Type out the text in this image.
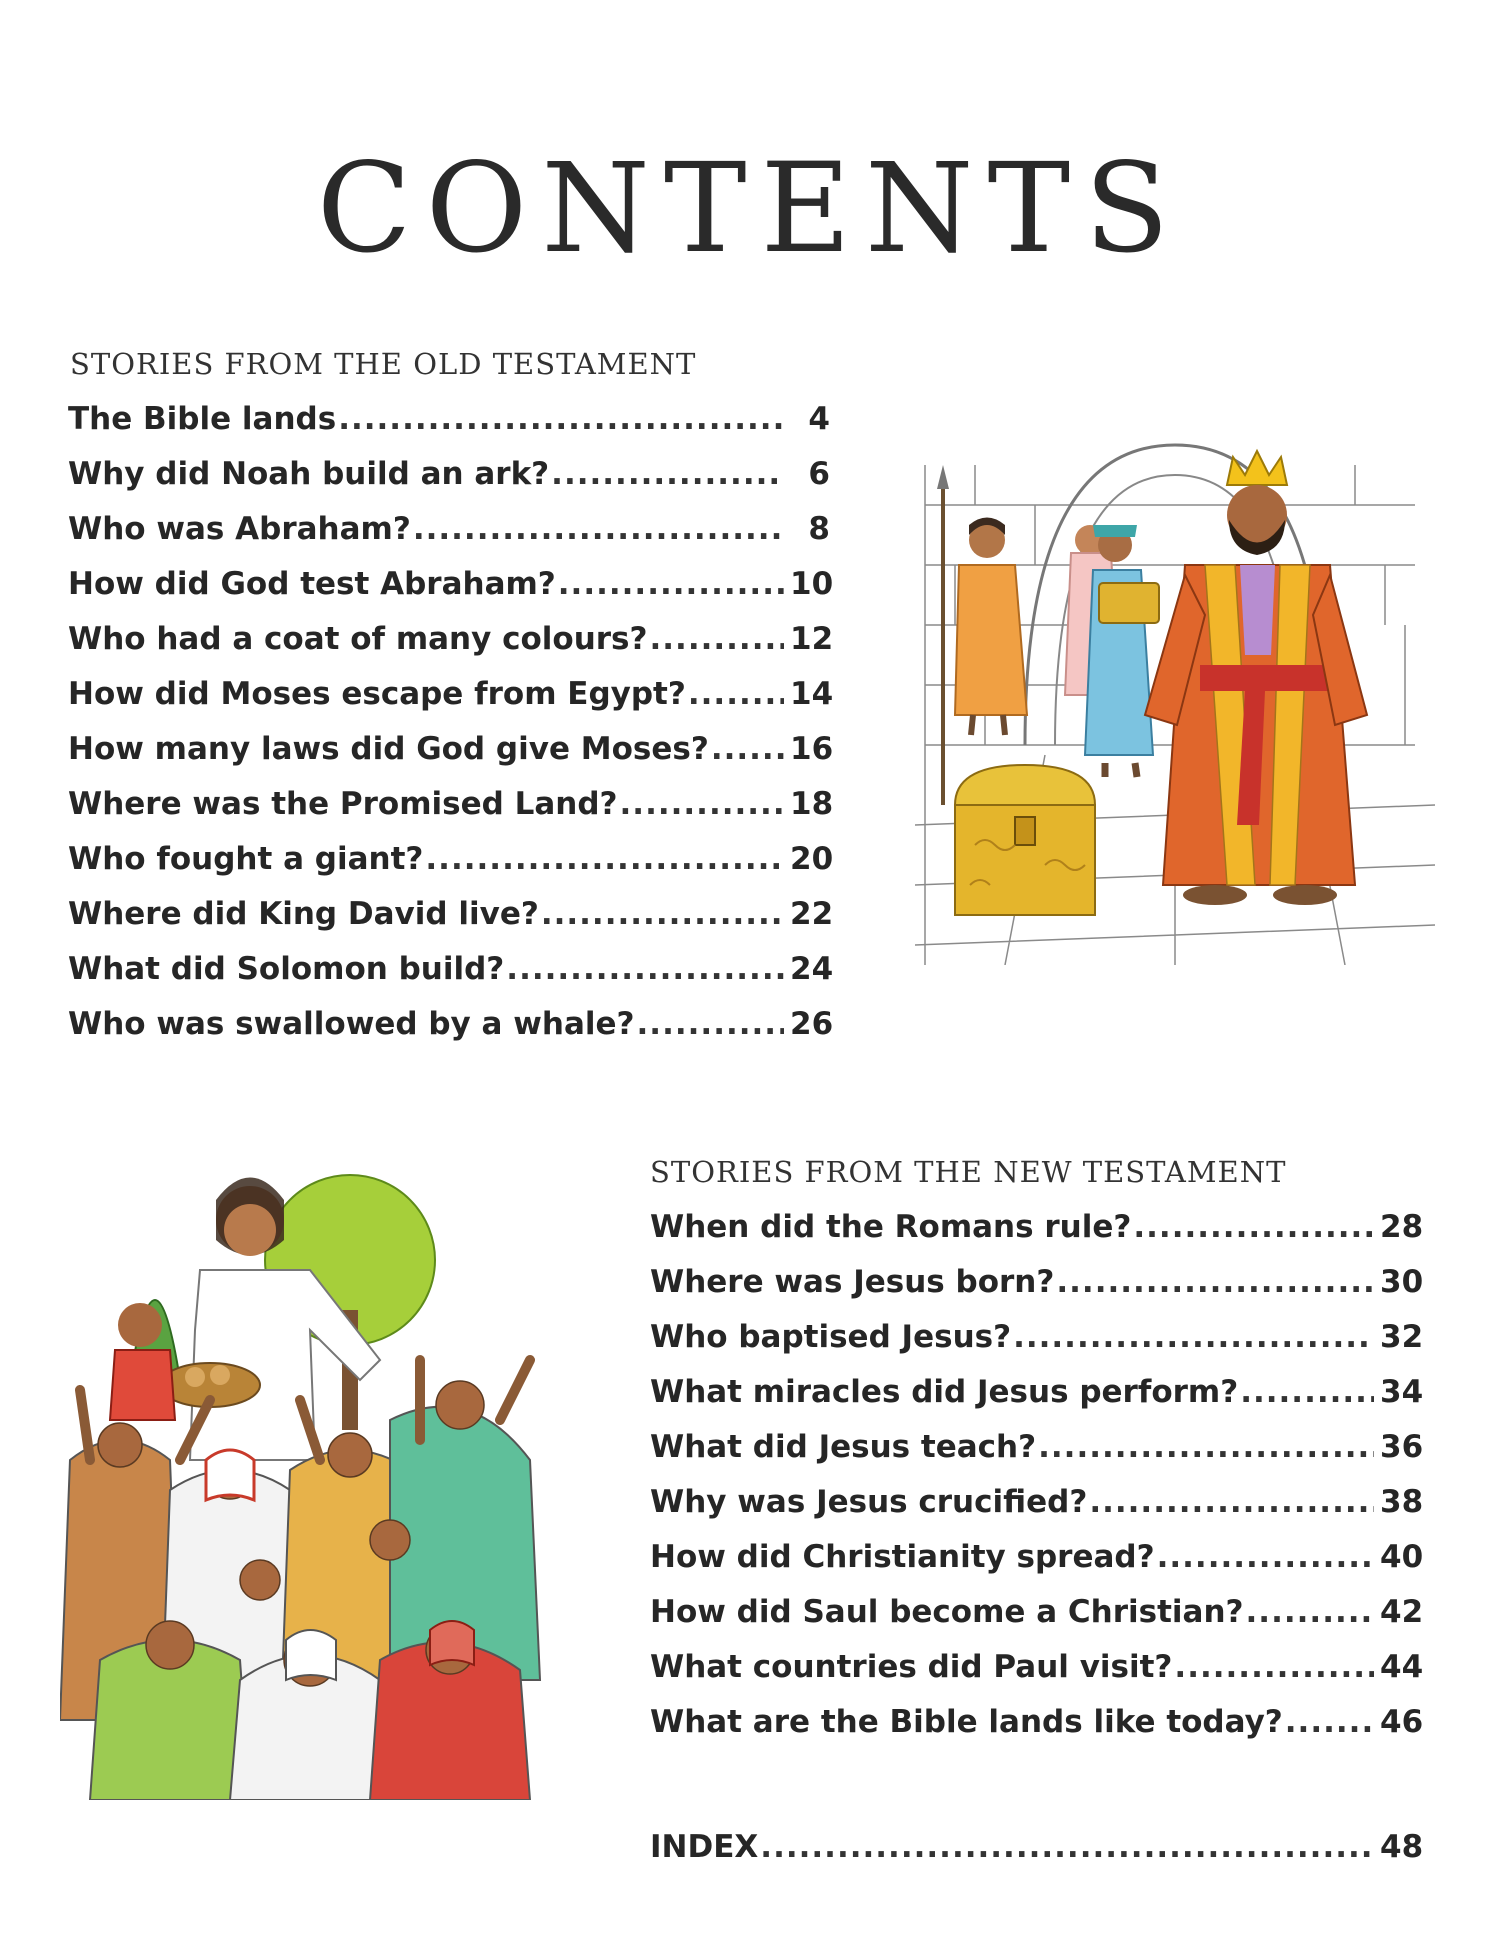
CONTENTS
STORIES FROM THE OLD TESTAMENT
The Bible lands .....	4
Why did Noah build an ark? .....	6
Who was Abraham? .....	8
How did God test Abraham? .....	10
Who had a coat of many colours? .....	12
How did Moses escape from Egypt? .....	14
How many laws did God give Moses? .....	16
Where was the Promised Land? .....	18
Who fought a giant? .....	20
Where did King David live? .....	22
What did Solomon build? .....	24
Who was swallowed by a whale? .....	26
STORIES FROM THE NEW TESTAMENT
When did the Romans rule? .....	28
Where was Jesus born? .....	30
Who baptised Jesus? .....	32
What miracles did Jesus perform? .....	34
What did Jesus teach? .....	36
Why was Jesus crucified? .....	38
How did Christianity spread? .....	40
How did Saul become a Christian? .....	42
What countries did Paul visit? .....	44
What are the Bible lands like today? .....	46
INDEX .....	48
